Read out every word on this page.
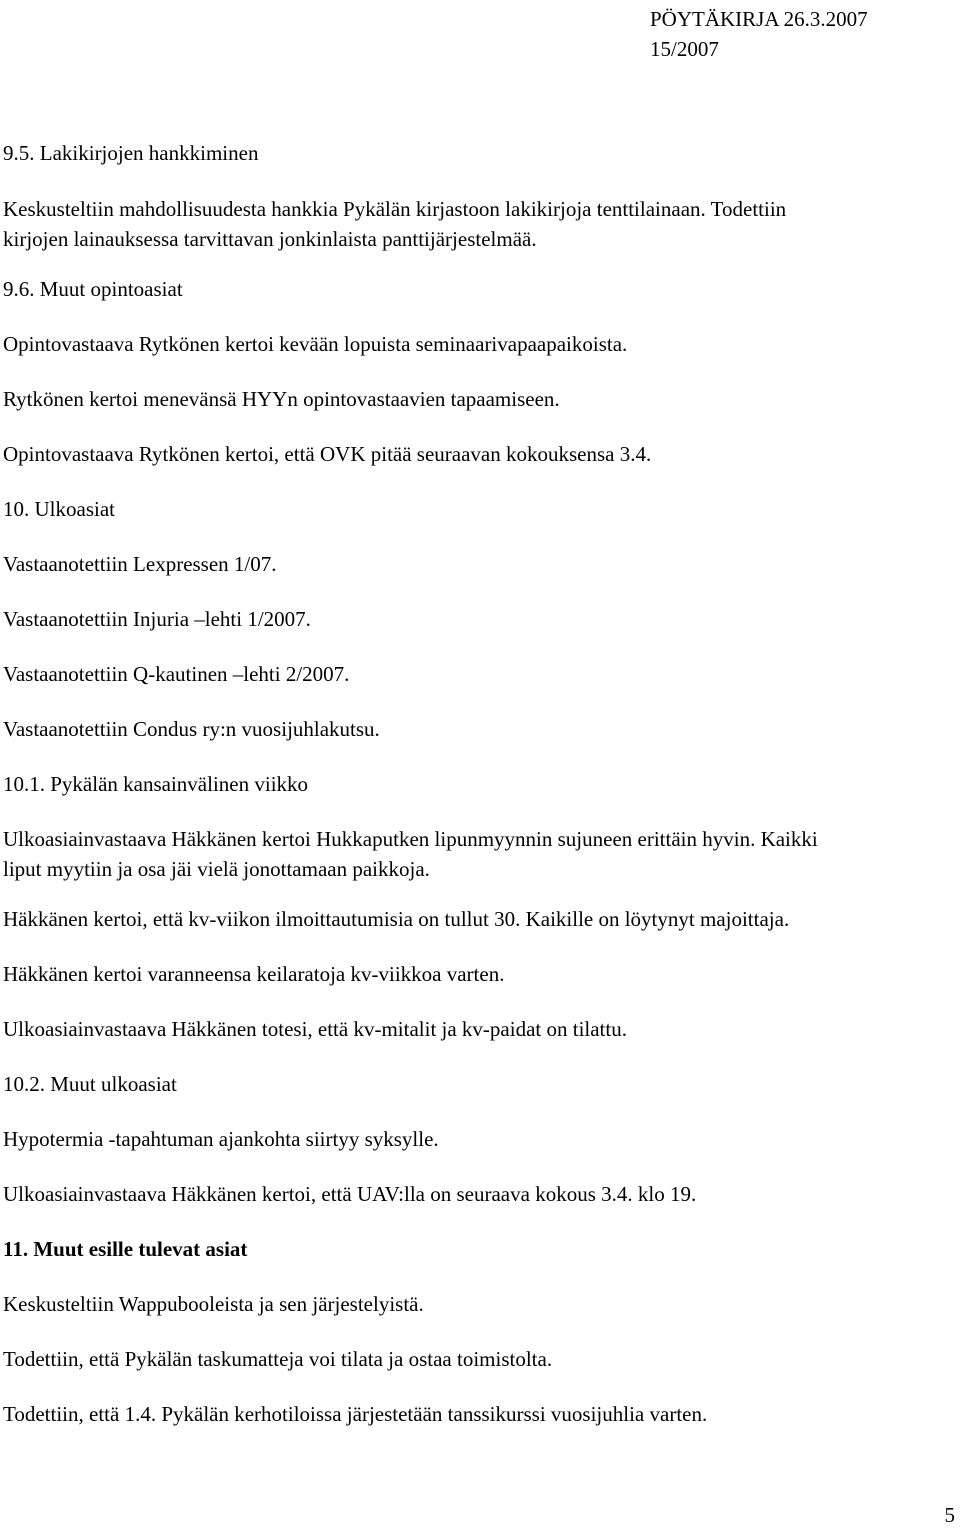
PÖYTÄKIRJA 26.3.2007
15/2007
9.5. Lakikirjojen hankkiminen
Keskusteltiin mahdollisuudesta hankkia Pykälän kirjastoon lakikirjoja tenttilainaan. Todettiin
kirjojen lainauksessa tarvittavan jonkinlaista panttijärjestelmää.
9.6. Muut opintoasiat
Opintovastaava Rytkönen kertoi kevään lopuista seminaarivapaapaikoista.
Rytkönen kertoi menevänsä HYYn opintovastaavien tapaamiseen.
Opintovastaava Rytkönen kertoi, että OVK pitää seuraavan kokouksensa 3.4.
10. Ulkoasiat
Vastaanotettiin Lexpressen 1/07.
Vastaanotettiin Injuria –lehti 1/2007.
Vastaanotettiin Q-kautinen –lehti 2/2007.
Vastaanotettiin Condus ry:n vuosijuhlakutsu.
10.1. Pykälän kansainvälinen viikko
Ulkoasiainvastaava Häkkänen kertoi Hukkaputken lipunmyynnin sujuneen erittäin hyvin. Kaikki
liput myytiin ja osa jäi vielä jonottamaan paikkoja.
Häkkänen kertoi, että kv-viikon ilmoittautumisia on tullut 30. Kaikille on löytynyt majoittaja.
Häkkänen kertoi varanneensa keilaratoja kv-viikkoa varten.
Ulkoasiainvastaava Häkkänen totesi, että kv-mitalit ja kv-paidat on tilattu.
10.2. Muut ulkoasiat
Hypotermia -tapahtuman ajankohta siirtyy syksylle.
Ulkoasiainvastaava Häkkänen kertoi, että UAV:lla on seuraava kokous 3.4. klo 19.
11. Muut esille tulevat asiat
Keskusteltiin Wappubooleista ja sen järjestelyistä.
Todettiin, että Pykälän taskumatteja voi tilata ja ostaa toimistolta.
Todettiin, että 1.4. Pykälän kerhotiloissa järjestetään tanssikurssi vuosijuhlia varten.
5
